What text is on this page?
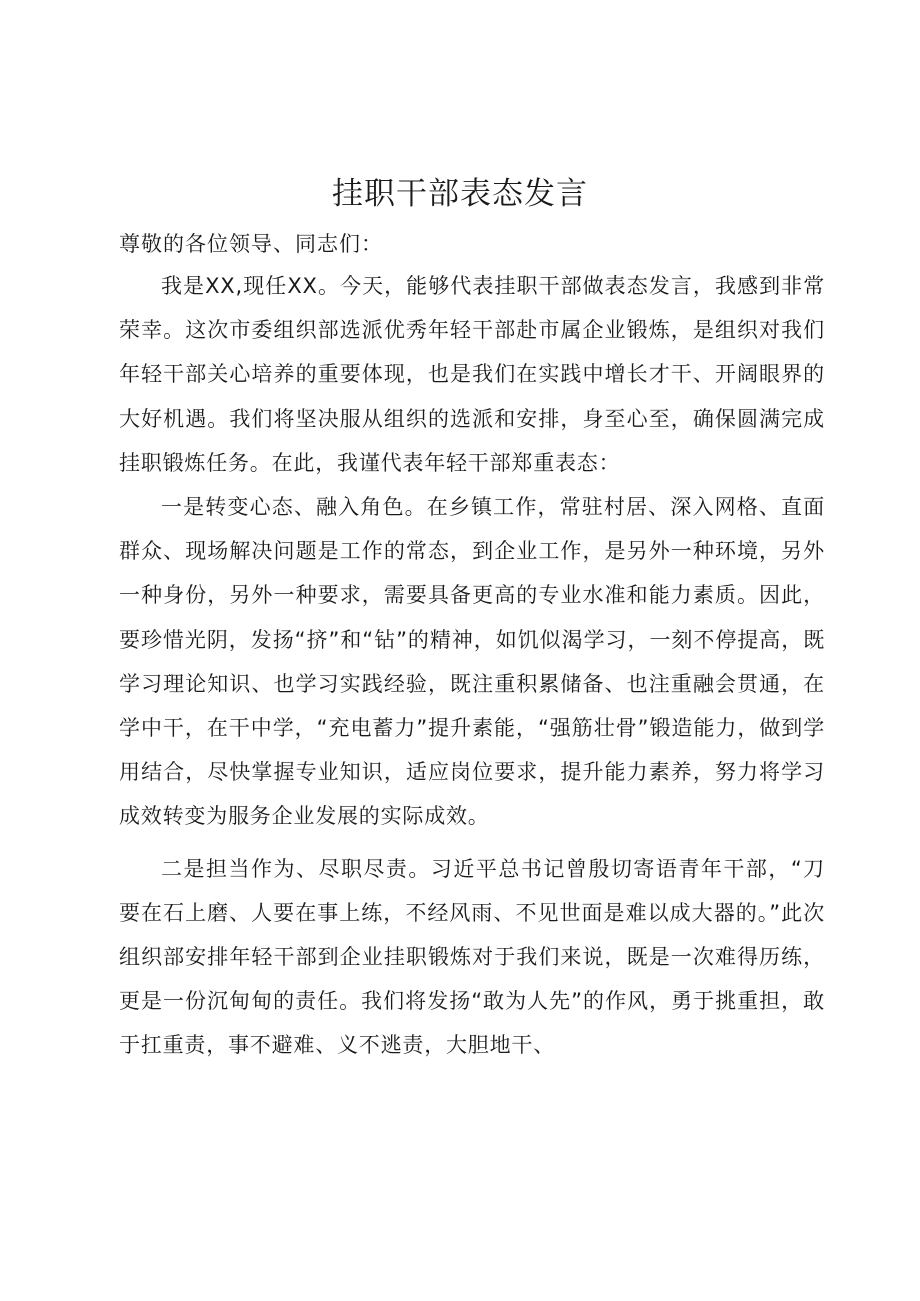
挂职干部表态发言

尊敬的各位领导、同志们：

我是XX,现任XX。今天，能够代表挂职干部做表态发言，我感到非常荣幸。这次市委组织部选派优秀年轻干部赴市属企业锻炼，是组织对我们年轻干部关心培养的重要体现，也是我们在实践中增长才干、开阔眼界的大好机遇。我们将坚决服从组织的选派和安排，身至心至，确保圆满完成挂职锻炼任务。在此，我谨代表年轻干部郑重表态：

一是转变心态、融入角色。在乡镇工作，常驻村居、深入网格、直面群众、现场解决问题是工作的常态，到企业工作，是另外一种环境，另外一种身份，另外一种要求，需要具备更高的专业水准和能力素质。因此，要珍惜光阴，发扬“挤”和“钻”的精神，如饥似渴学习，一刻不停提高，既学习理论知识、也学习实践经验，既注重积累储备、也注重融会贯通，在学中干，在干中学，“充电蓄力”提升素能，“强筋壮骨”锻造能力，做到学用结合，尽快掌握专业知识，适应岗位要求，提升能力素养，努力将学习成效转变为服务企业发展的实际成效。

二是担当作为、尽职尽责。习近平总书记曾殷切寄语青年干部，“刀要在石上磨、人要在事上练，不经风雨、不见世面是难以成大器的。”此次组织部安排年轻干部到企业挂职锻炼对于我们来说，既是一次难得历练，更是一份沉甸甸的责任。我们将发扬“敢为人先”的作风，勇于挑重担，敢于扛重责，事不避难、义不逃责，大胆地干、
